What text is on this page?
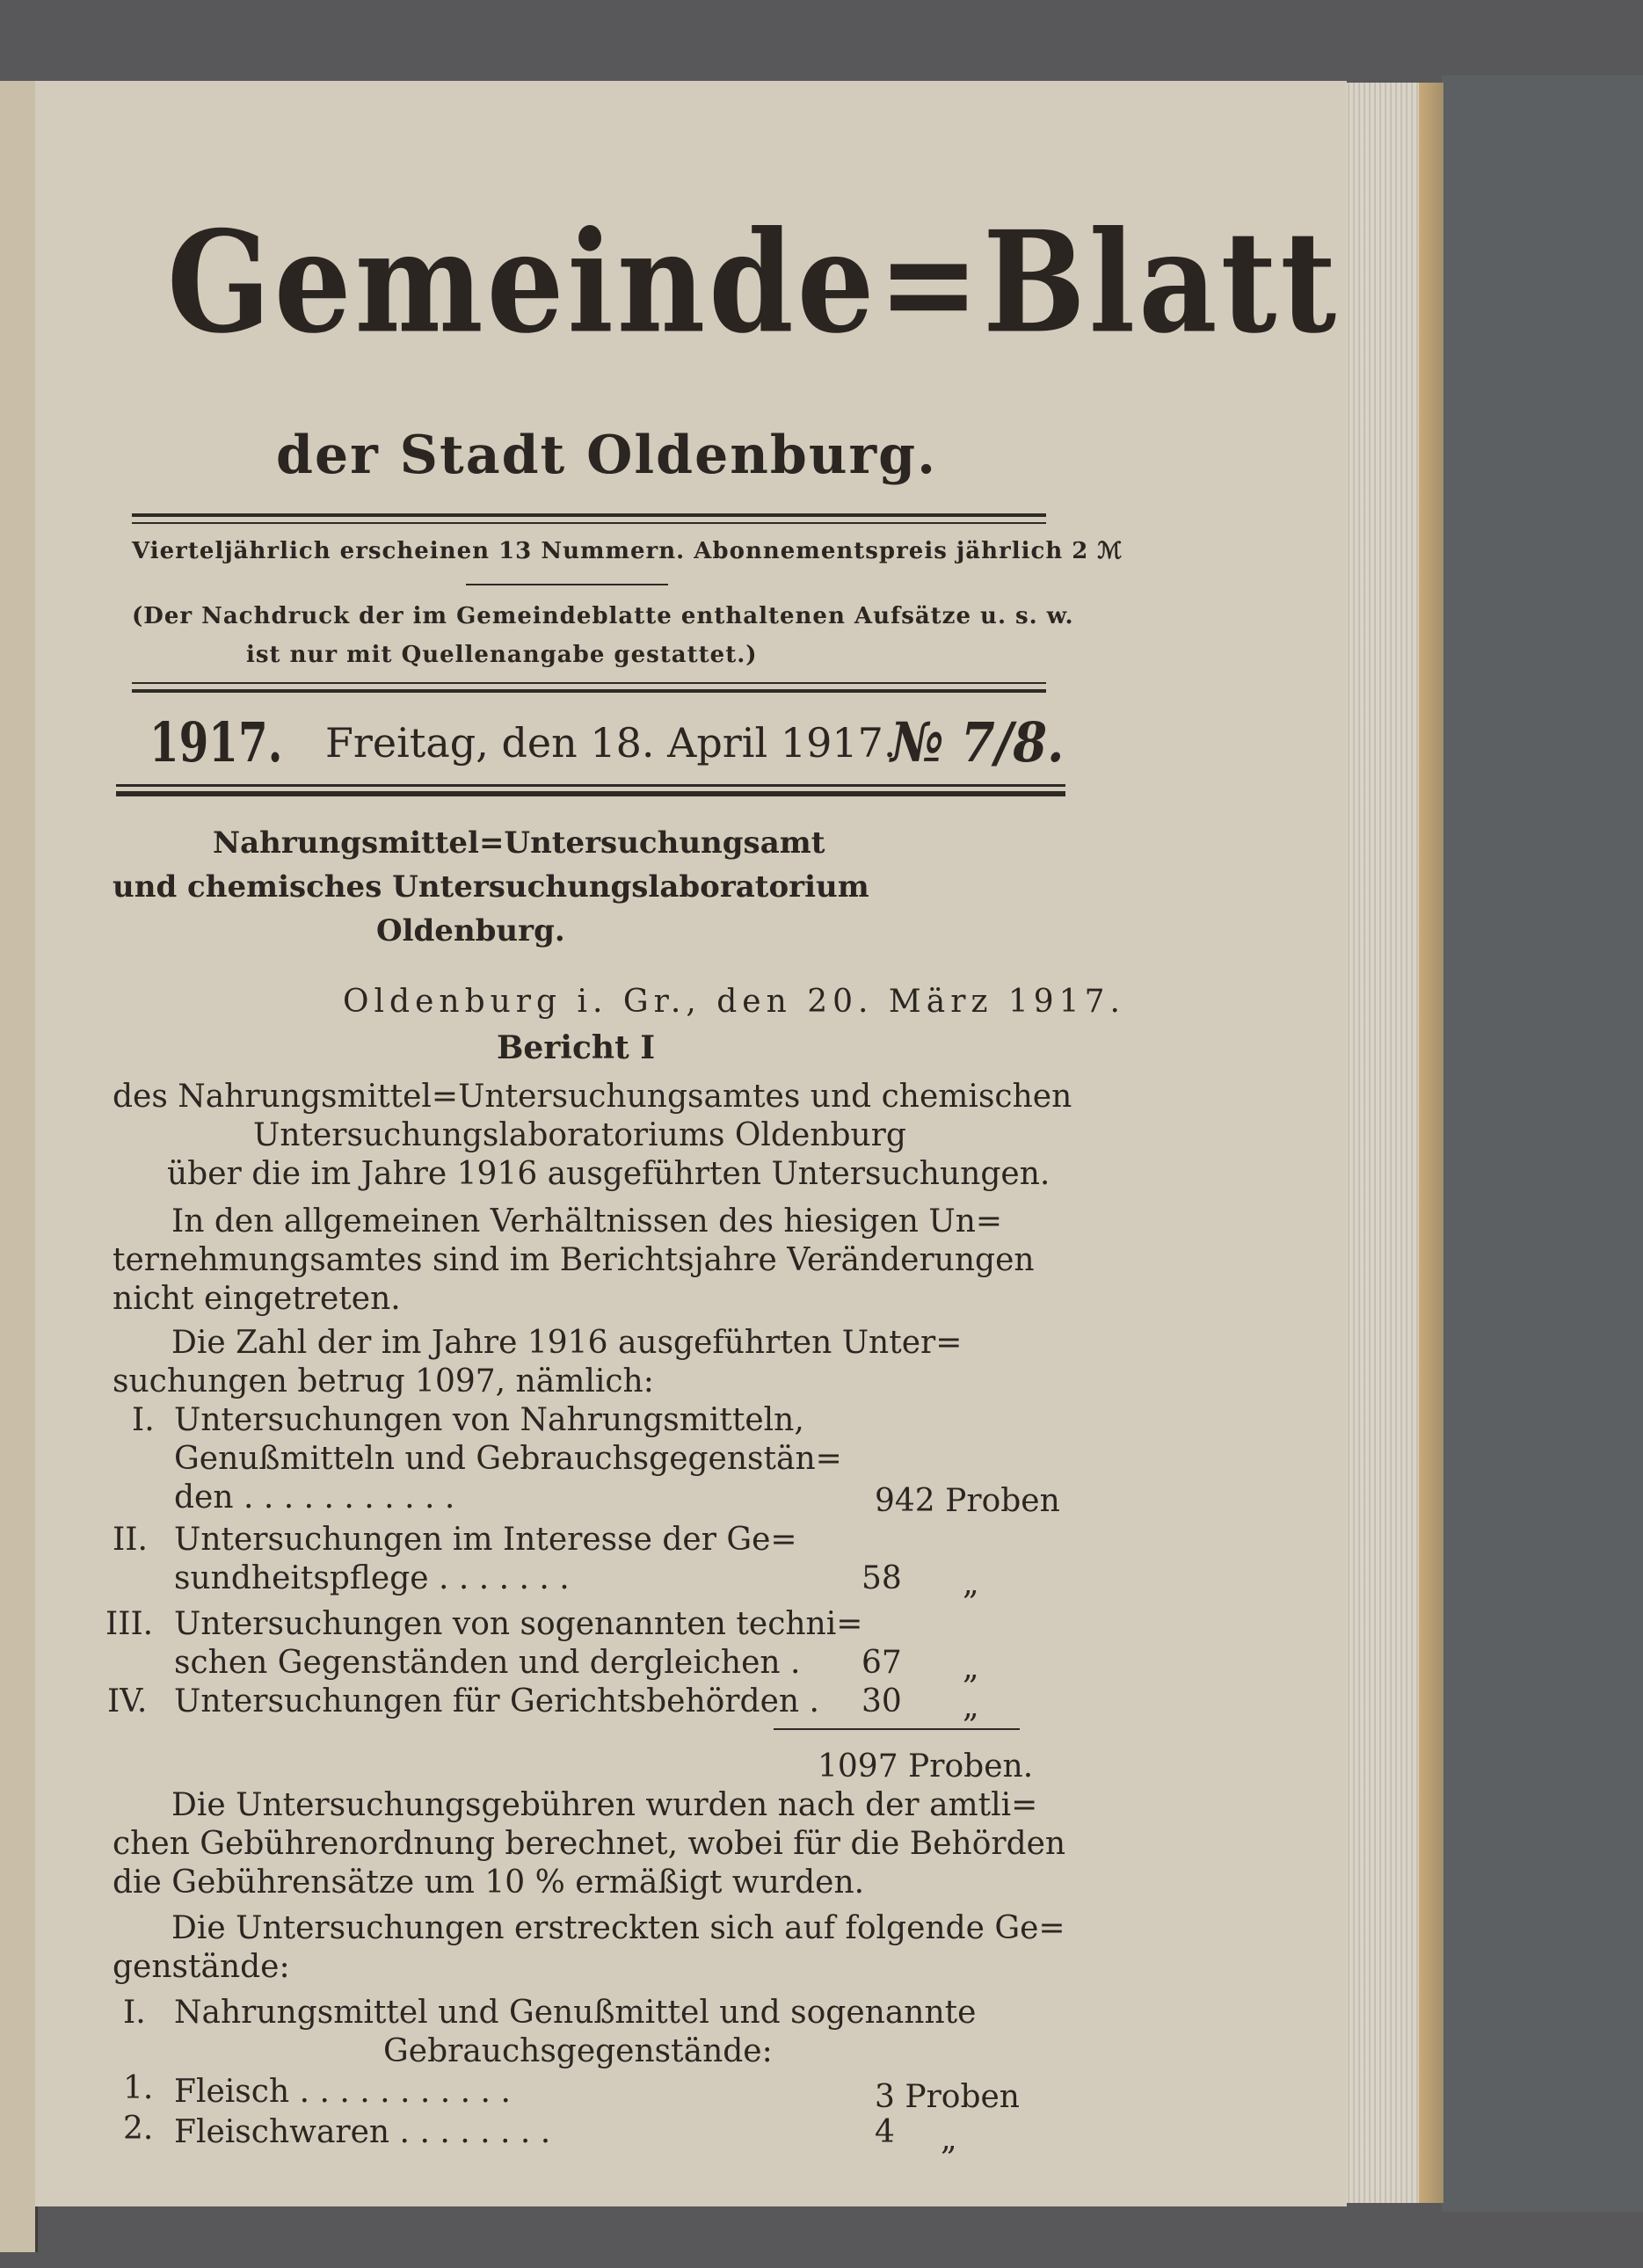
Gemeinde=Blatt
der Stadt Oldenburg.
Vierteljährlich erscheinen 13 Nummern. Abonnementspreis jährlich 2 ℳ
(Der Nachdruck der im Gemeindeblatte enthaltenen Aufsätze u. s. w.
ist nur mit Quellenangabe gestattet.)
1917. Freitag, den 18. April 1917.
№ 7/8.
Nahrungsmittel=Untersuchungsamt
und chemisches Untersuchungslaboratorium
Oldenburg.
Oldenburg i. Gr., den 20. März 1917.
Bericht I
des Nahrungsmittel=Untersuchungsamtes und chemischen
Untersuchungslaboratoriums Oldenburg
über die im Jahre 1916 ausgeführten Untersuchungen.
In den allgemeinen Verhältnissen des hiesigen Un=
ternehmungsamtes sind im Berichtsjahre Veränderungen
nicht eingetreten.
Die Zahl der im Jahre 1916 ausgeführten Unter=
suchungen betrug 1097, nämlich:
I. Untersuchungen von Nahrungsmitteln,
Genußmitteln und Gebrauchsgegenstän=
den . . . . . . . . . . .	942 Proben
II. Untersuchungen im Interesse der Ge=
sundheitspflege . . . . . . .	58 „
III. Untersuchungen von sogenannten techni=
schen Gegenständen und dergleichen . 67 „
IV. Untersuchungen für Gerichtsbehörden . 30 „
1097 Proben.
Die Untersuchungsgebühren wurden nach der amtli=
chen Gebührenordnung berechnet, wobei für die Behörden
die Gebührensätze um 10 % ermäßigt wurden.
Die Untersuchungen erstreckten sich auf folgende Ge=
genstände:
I. Nahrungsmittel und Genußmittel und sogenannte
Gebrauchsgegenstände:
1. Fleisch . . . . . . . . . . .	3 Proben
2. Fleischwaren . . . . . . . .	4 „
